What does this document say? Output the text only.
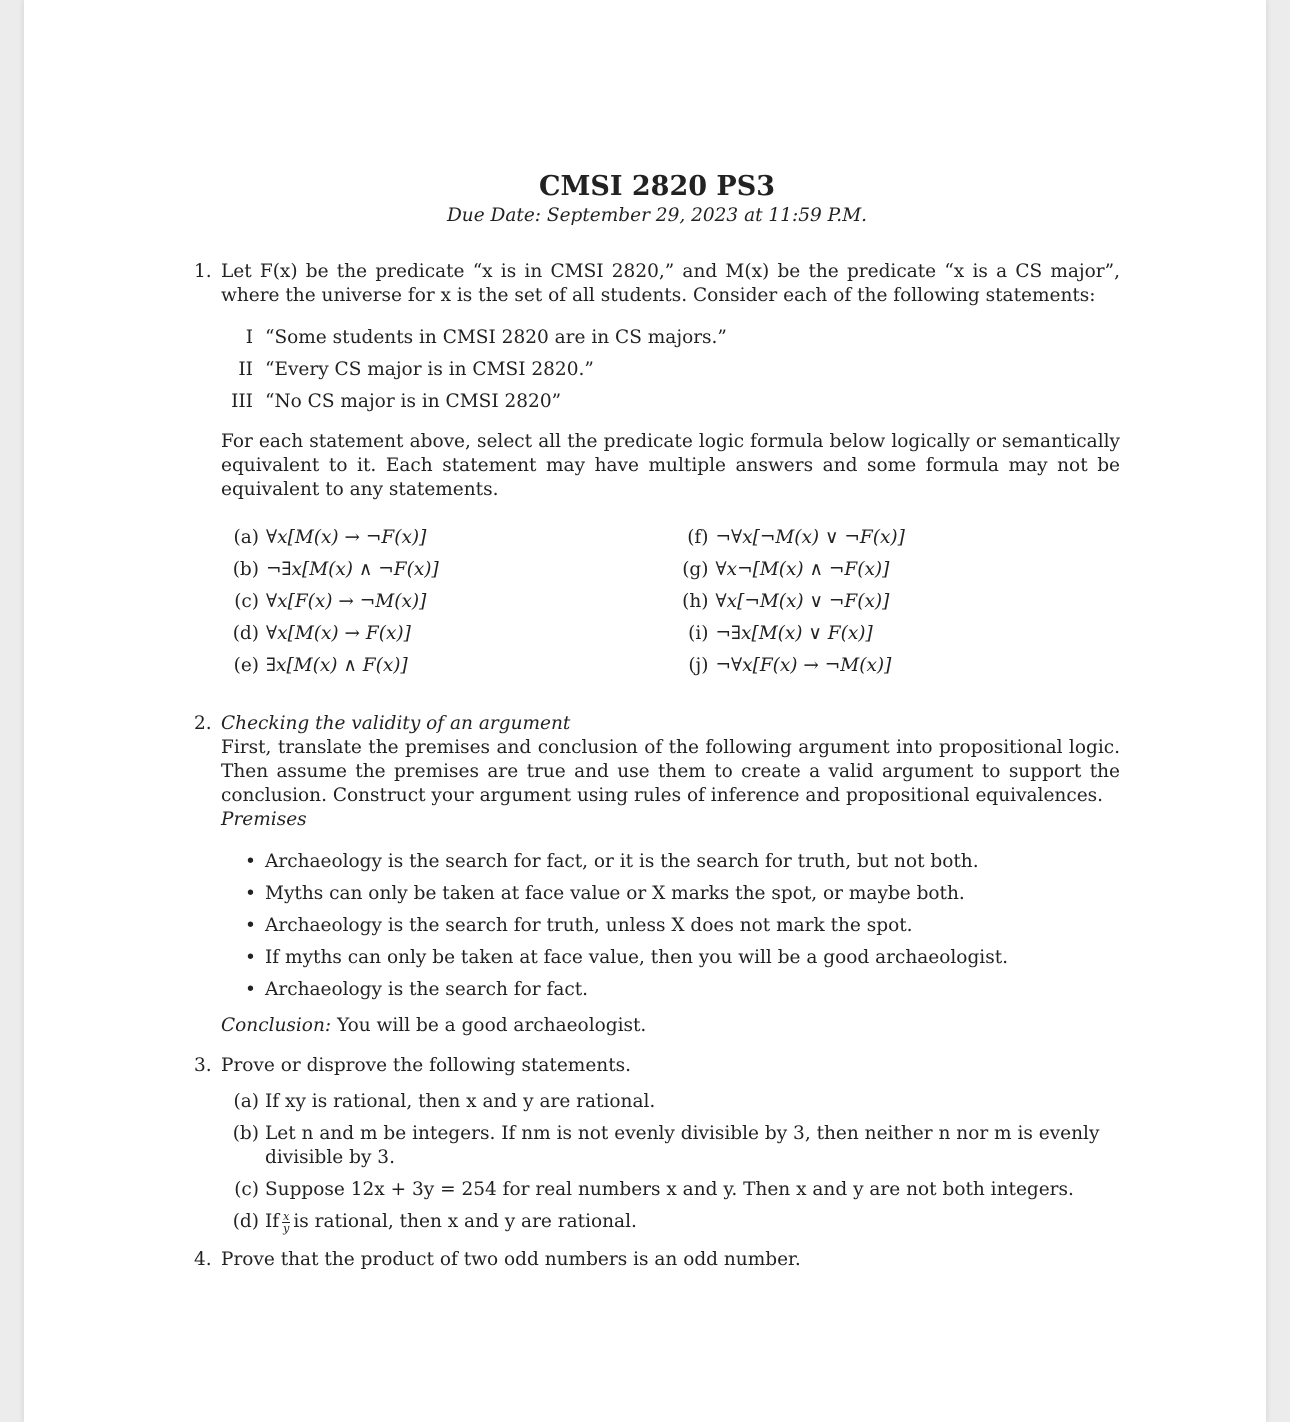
CMSI 2820 PS3
Due Date: September 29, 2023 at 11:59 P.M.
1. Let F(x) be the predicate “x is in CMSI 2820,” and M(x) be the predicate “x is a CS major”, where the universe for x is the set of all students. Consider each of the following statements:
I “Some students in CMSI 2820 are in CS majors.”
II “Every CS major is in CMSI 2820.”
III “No CS major is in CMSI 2820”
For each statement above, select all the predicate logic formula below logically or semantically equivalent to it. Each statement may have multiple answers and some formula may not be equivalent to any statements.
(a) ∀x[M(x) → ¬F(x)]
(b) ¬∃x[M(x) ∧ ¬F(x)]
(c) ∀x[F(x) → ¬M(x)]
(d) ∀x[M(x) → F(x)]
(e) ∃x[M(x) ∧ F(x)]
(f) ¬∀x[¬M(x) ∨ ¬F(x)]
(g) ∀x¬[M(x) ∧ ¬F(x)]
(h) ∀x[¬M(x) ∨ ¬F(x)]
(i) ¬∃x[M(x) ∨ F(x)]
(j) ¬∀x[F(x) → ¬M(x)]
2. Checking the validity of an argument
First, translate the premises and conclusion of the following argument into propositional logic. Then assume the premises are true and use them to create a valid argument to support the conclusion. Construct your argument using rules of inference and propositional equivalences.
Premises
• Archaeology is the search for fact, or it is the search for truth, but not both.
• Myths can only be taken at face value or X marks the spot, or maybe both.
• Archaeology is the search for truth, unless X does not mark the spot.
• If myths can only be taken at face value, then you will be a good archaeologist.
• Archaeology is the search for fact.
Conclusion: You will be a good archaeologist.
3. Prove or disprove the following statements.
(a) If xy is rational, then x and y are rational.
(b) Let n and m be integers. If nm is not evenly divisible by 3, then neither n nor m is evenly divisible by 3.
(c) Suppose 12x + 3y = 254 for real numbers x and y. Then x and y are not both integers.
(d) If $\frac{x}{y}$ is rational, then x and y are rational.
4. Prove that the product of two odd numbers is an odd number.
